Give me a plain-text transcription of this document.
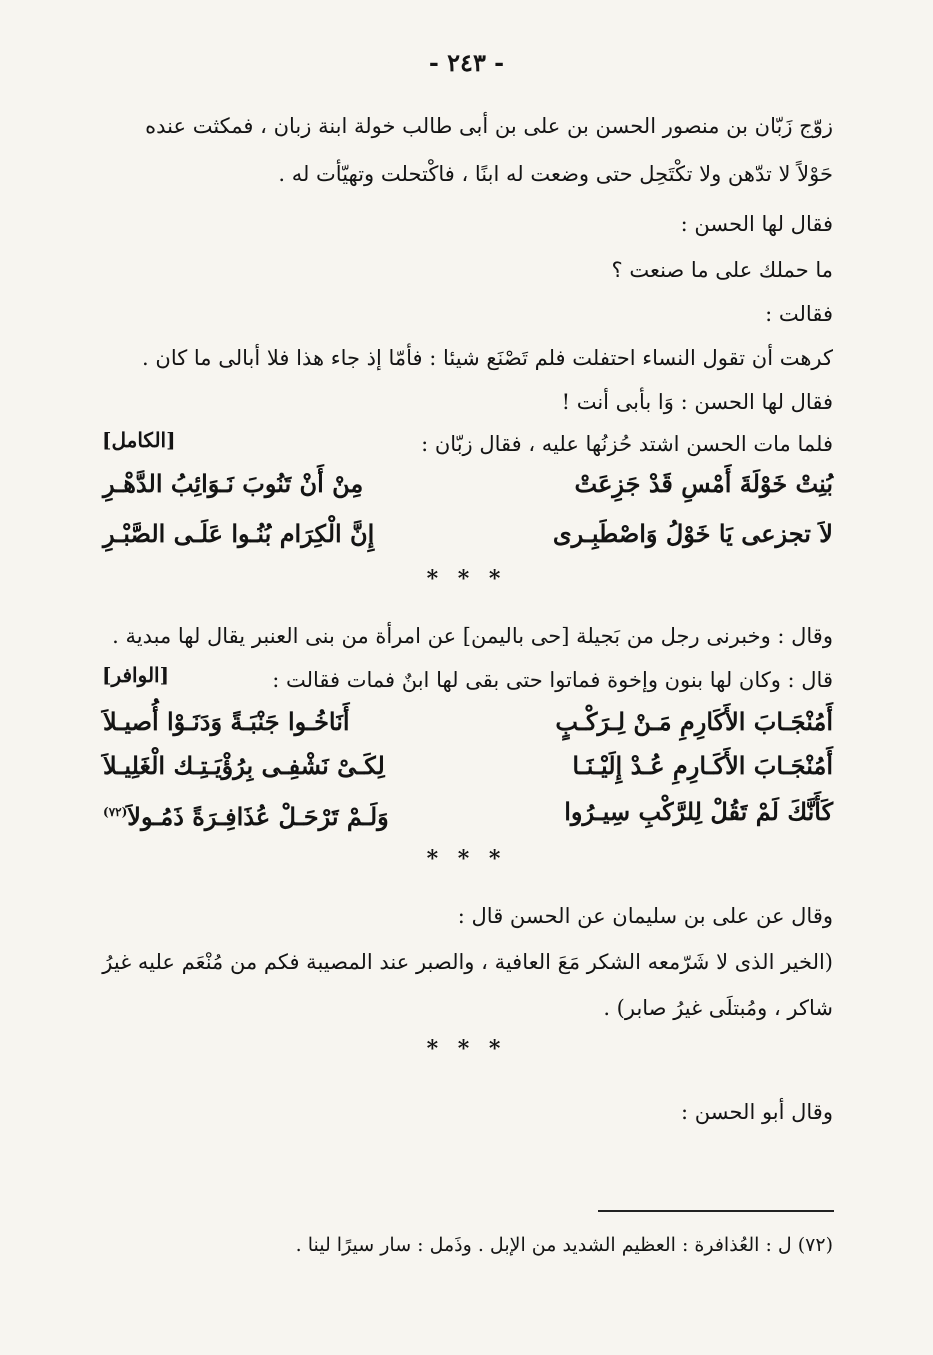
- ٢٤٣ -
زوّج زَبّان بن منصور الحسن بن على بن أبى طالب خولة ابنة زبان ، فمكثت عنده
حَوْلاً لا تدّهن ولا تكْتَحِل حتى وضعت له ابنًا ، فاكْتحلت وتهيّأت له .
فقال لها الحسن :
ما حملك على ما صنعت ؟
فقالت :
كرهت أن تقول النساء احتفلت فلم تَصْنَع شيئا : فأمّا إذ جاء هذا فلا أبالى ما كان .
فقال لها الحسن : وَا بأبى أنت !
فلما مات الحسن اشتد حُزنُها عليه ، فقال زبّان :
[الكامل]
بُنِتْ خَوْلَةَ أَمْسِ قَدْ جَزِعَتْ
مِنْ أَنْ تَنُوبَ نَـوَائِبُ الدَّهْـرِ
لاَ تجزعى يَا خَوْلُ وَاصْطَبِـرى
إِنَّ الْكِرَام بُنُـوا عَلَـى الصَّبْـرِ
* * *
وقال : وخبرنى رجل من بَجيلة [حى باليمن] عن امرأة من بنى العنبر يقال لها مبدية .
قال : وكان لها بنون وإخوة فماتوا حتى بقى لها ابنٌ فمات فقالت :
[الوافر]
أَمُنْجَـابَ الأَكَارِمِ مَـنْ لِـرَكْـبٍ
أَنَاخُـوا جَنْبَـةً وَدَنَـوْا أُصيـلاَ
أَمُنْجَـابَ الأَكَـارِمِ عُـدْ إِلَيْـنَـا
لِكَـىْ نَشْفِـى بِرُؤْيَـتِـك الْغَلِيـلاَ
كَأَنَّكَ لَمْ تَقُلْ لِلرَّكْبِ سِيـرُوا
وَلَـمْ تَرْحَـلْ عُذَافِـرَةً ذَمُـولاَ$^{(٧٢)}$
* * *
وقال عن على بن سليمان عن الحسن قال :
(الخير الذى لا شَرّمعه الشكر مَعَ العافية ، والصبر عند المصيبة فكم من مُنْعَم عليه غيرُ
شاكر ، ومُبتلَى غيرُ صابر) .
* * *
وقال أبو الحسن :
(٧٢) ل : العُذافرة : العظيم الشديد من الإبل . وذَمل : سار سيرًا لينا .
